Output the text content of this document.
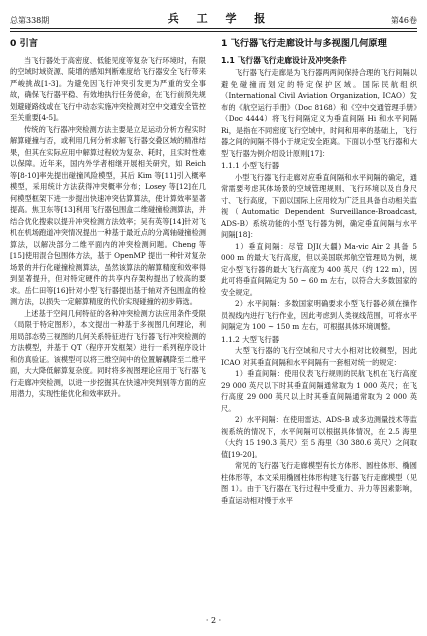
总第338期	兵 工 学 报	第46卷
0 引言

当飞行器处于高密度、低能见度等复杂飞行环境时，有限的空域时域资源、陡增的感知判断难度给飞行器安全飞行带来严峻挑战[1-3]。为避免因飞行冲突引发更为严重的安全事故，确保飞行器平稳、有效地执行任务使命，在飞行前预先规划避碰路线或在飞行中动态实施冲突检测对空中交通安全管控至关重要[4-5]。

传统的飞行器冲突检测方法主要是立足运动分析方程实时解算碰撞与否，或利用几何分析求解飞行器交叠区域的精准结果，但其在实际应用中解算过程较为复杂、耗时，且实时性难以保障。近年来，国内外学者相继开展相关研究，如 Reich 等[8-10]率先提出碰撞风险模型，其后 Kim 等[11]引入概率模型，采用统计方法获得冲突概率分布；Losey 等[12]在几何模型框架下进一步提出快速冲突估算算法，使计算效率显著提高。焦卫东等[13]利用飞行器包围盒二维碰撞检测算法，并结合优化搜索以提升冲突检测方法效率；吴有英等[14]针对飞机在机场跑道冲突情况提出一种基于最近点的分离轴碰撞检测算法，以解决部分二维平面内的冲突检测问题。Cheng 等[15]使用混合包围体方法，基于 OpenMP 提出一种针对复杂场景的并行化碰撞检测算法，虽然该算法的解算精度和效率得到显著提升，但对特定硬件的共享内存架构提出了较高的要求。岳仁田等[16]针对小型飞行器提出基于轴对齐包围盒的检测方法，以损失一定解算精度的代价实现碰撞的初步筛选。

上述基于空间几何特征的各种冲突检测方法应用条件受限（局限于特定图形），本文提出一种基于多视图几何理论，利用局部态势三视图的几何关系特征进行飞行器飞行冲突检测的方法模型，并基于 QT（程序开发框架）进行一系列程序设计和仿真验证。该模型可以将三维空间中的位置解耦降至二维平面，大大降低解算复杂度。同时将多视图理论应用于飞行器飞行走廊冲突检测，以进一步挖掘其在快速冲突判别等方面的应用潜力，实现性能优化和效率跃升。

1 飞行器飞行走廊设计与多视图几何原理
1.1 飞行器飞行走廊设计及冲突条件

飞行器飞行走廊是为飞行器两两间保持合理的飞行间隔以避免碰撞而划定的特定保护区域。国际民航组织（International Civil Aviation Organization, ICAO）发布的《航空运行手册》（Doc 8168）和《空中交通管理手册》（Doc 4444）将飞行间隔定义为垂直间隔 Hi 和水平间隔 Ri，是指在不同密度飞行空域中，时间和用率的基础上，飞行器之间的间隔不得小于规定安全距离。下面以小型飞行器和大型飞行器为例介绍设计原则[17]：

1.1.1 小型飞行器

小型飞行器飞行走廊对应垂直间隔和水平间隔的确定，通常需要考虑其体场景的空域管理规则、飞行环境以及自身尺寸、飞行高度，下面以国际上应用较为广泛且具备自动相关监视（Automatic Dependent Surveillance-Broadcast, ADS-B）系统功能的小型飞行器为例，确定垂直间隔与水平间隔[18]：

1）垂直间隔：尽管 DJI(大疆) Ma-vic Air 2 具备 5 000 m 的最大飞行高度，但以美国联邦航空管理局为例，规定小型飞行器的最大飞行高度为 400 英尺（约 122 m），因此可将垂直间隔定为 50 ~ 60 m 左右，以符合大多数国家的安全规定。

2）水平间隔：多数国家明确要求小型飞行器必须在操作员视线内进行飞行作业，因此考虑到人类视线范围，可将水平间隔定为 100 ~ 150 m 左右，可根据具体环境调整。

1.1.2 大型飞行器

大型飞行器的飞行空域和尺寸大小相对比较稠型，因此 ICAO 对其垂直间隔和水平间隔有一套相对统一的规定：

1）垂直间隔：使用仪表飞行规则的民航飞机在飞行高度 29 000 英尺以下时其垂直间隔通常取为 1 000 英尺；在飞行高度 29 000 英尺以上时其垂直间隔通常取为 2 000 英尺。

2）水平间隔：在使用雷达、ADS-B 或多边测量技术等监视系统的情况下，水平间隔可以根据具体情况，在 2.5 海里（大约 15 190.3 英尺）至 5 海里（30 380.6 英尺）之间取值[19-20]。

常见的飞行器飞行走廊模型有长方体形、圆柱体形、椭圆柱体形等，本文采用椭圆柱体形构建飞行器飞行走廊模型（见图 1）。由于飞行器在飞行过程中受重力、升力等因素影响，垂直运动相对慢于水平

· 2 ·
